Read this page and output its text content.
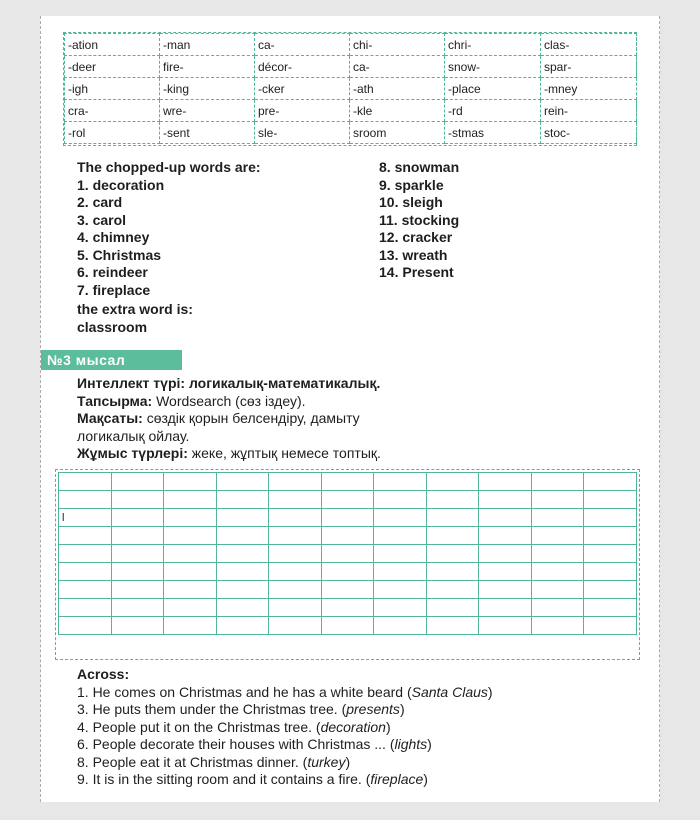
-ation	-man	ca-	chi-	chri-	clas-
-deer	fire-	décor-	ca-	snow-	spar-
-igh	-king	-cker	-ath	-place	-mney
cra-	wre-	pre-	-kle	-rd	rein-
-rol	-sent	sle-	sroom	-stmas	stoc-
The chopped-up words are:
1. decoration
2. card
3. carol
4. chimney
5. Christmas
6. reindeer
7. fireplace
the extra word is:
classroom
8. snowman
9. sparkle
10. sleigh
11. stocking
12. cracker
13. wreath
14. Present
№3 мысал
Интеллект түрі: логикалық-математикалық.
Тапсырма: Wordsearch (сөз іздеу).
Мақсаты: сөздік қорын белсендіру, дамыту
логикалық ойлау.
Жұмыс түрлері: жеке, жұптық немесе топтық.

l										

Across:
1. He comes on Christmas and he has a white beard (Santa Claus)
3. He puts them under the Christmas tree. (presents)
4. People put it on the Christmas tree. (decoration)
6. People decorate their houses with Christmas ... (lights)
8. People eat it at Christmas dinner. (turkey)
9. It is in the sitting room and it contains a fire. (fireplace)
